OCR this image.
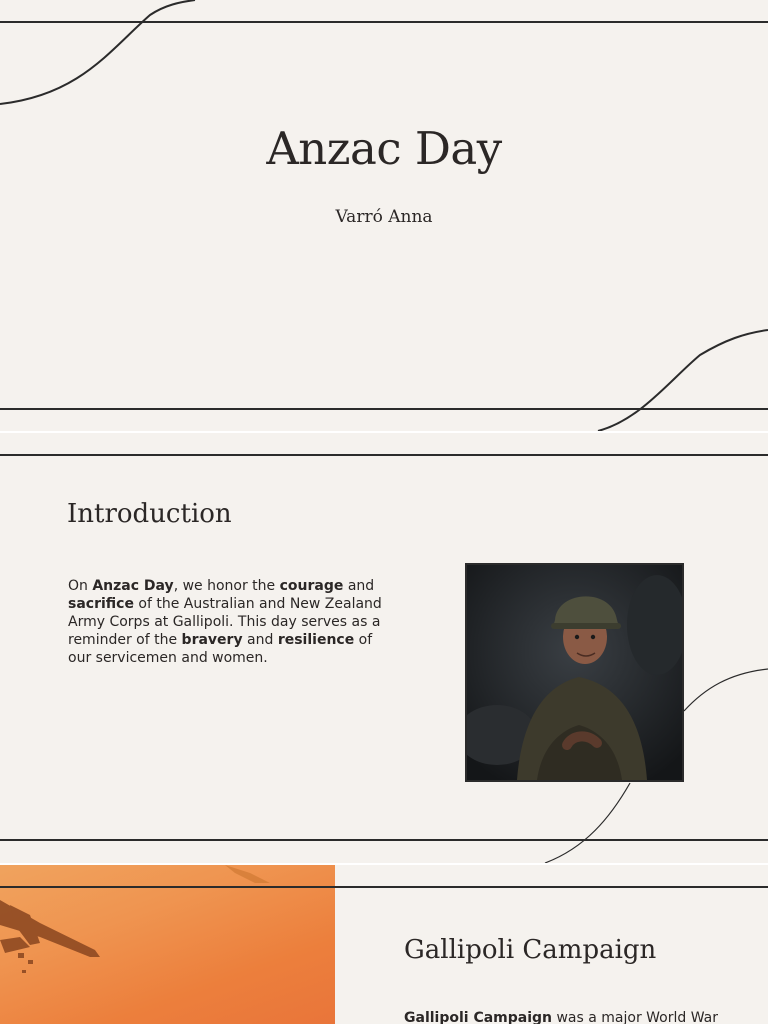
Anzac Day
Varró Anna
Introduction
On Anzac Day, we honor the courage and sacrifice of the Australian and New Zealand Army Corps at Gallipoli. This day serves as a reminder of the bravery and resilience of our servicemen and women.
Gallipoli Campaign
Gallipoli Campaign was a major World War
